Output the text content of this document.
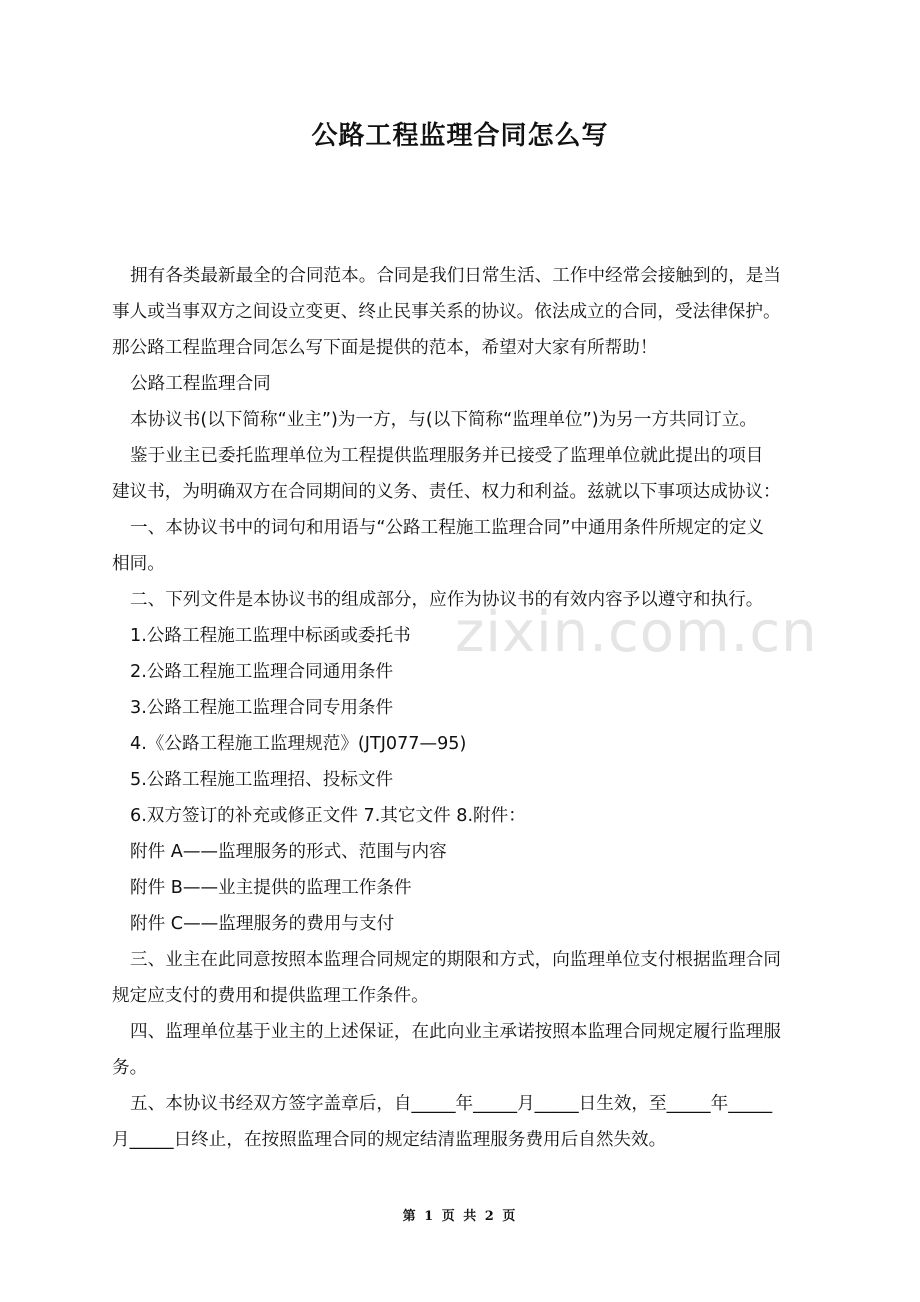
公路工程监理合同怎么写

拥有各类最新最全的合同范本。合同是我们日常生活、工作中经常会接触到的，是当

事人或当事双方之间设立变更、终止民事关系的协议。依法成立的合同，受法律保护。

那公路工程监理合同怎么写下面是提供的范本，希望对大家有所帮助！

公路工程监理合同

本协议书(以下简称“业主”)为一方，与(以下简称“监理单位”)为另一方共同订立。

鉴于业主已委托监理单位为工程提供监理服务并已接受了监理单位就此提出的项目

建议书，为明确双方在合同期间的义务、责任、权力和利益。兹就以下事项达成协议：

一、本协议书中的词句和用语与“公路工程施工监理合同”中通用条件所规定的定义

相同。

二、下列文件是本协议书的组成部分，应作为协议书的有效内容予以遵守和执行。

1.公路工程施工监理中标函或委托书

2.公路工程施工监理合同通用条件

3.公路工程施工监理合同专用条件

4.《公路工程施工监理规范》(JTJ077—95)

5.公路工程施工监理招、投标文件

6.双方签订的补充或修正文件 7.其它文件 8.附件：

附件 A——监理服务的形式、范围与内容

附件 B——业主提供的监理工作条件

附件 C——监理服务的费用与支付

三、业主在此同意按照本监理合同规定的期限和方式，向监理单位支付根据监理合同

规定应支付的费用和提供监理工作条件。

四、监理单位基于业主的上述保证，在此向业主承诺按照本监理合同规定履行监理服

务。

五、本协议书经双方签字盖章后，自_____年_____月_____日生效，至_____年_____

月_____日终止，在按照监理合同的规定结清监理服务费用后自然失效。

zixin.com.cn
第 1 页 共 2 页
